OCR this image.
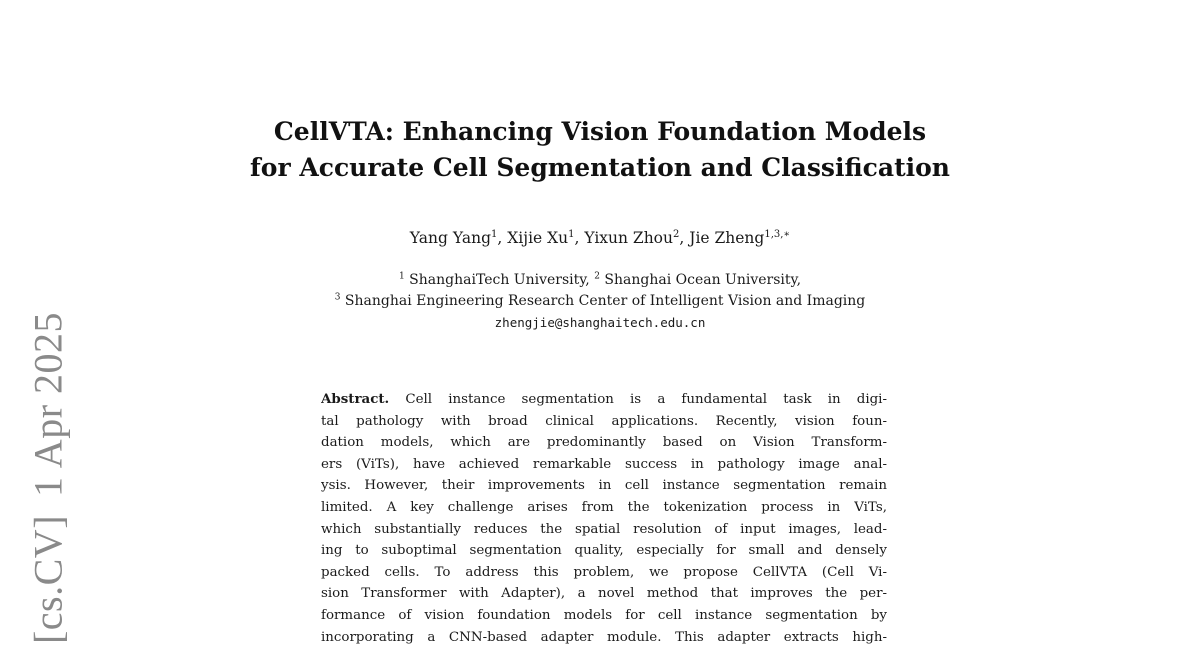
[cs.CV]1 Apr 2025
CellVTA: Enhancing Vision Foundation Models
for Accurate Cell Segmentation and Classification
Yang Yang$^1$, Xijie Xu$^1$, Yixun Zhou$^2$, Jie Zheng$^{1,3,∗}$
$^1$ ShanghaiTech University, $^2$ Shanghai Ocean University,
$^3$ Shanghai Engineering Research Center of Intelligent Vision and Imaging
zhengjie@shanghaitech.edu.cn
Abstract. Cell instance segmentation is a fundamental task in digi-
tal pathology with broad clinical applications. Recently, vision foun-
dation models, which are predominantly based on Vision Transform-
ers (ViTs), have achieved remarkable success in pathology image anal-
ysis. However, their improvements in cell instance segmentation remain
limited. A key challenge arises from the tokenization process in ViTs,
which substantially reduces the spatial resolution of input images, lead-
ing to suboptimal segmentation quality, especially for small and densely
packed cells. To address this problem, we propose CellVTA (Cell Vi-
sion Transformer with Adapter), a novel method that improves the per-
formance of vision foundation models for cell instance segmentation by
incorporating a CNN-based adapter module. This adapter extracts high-
